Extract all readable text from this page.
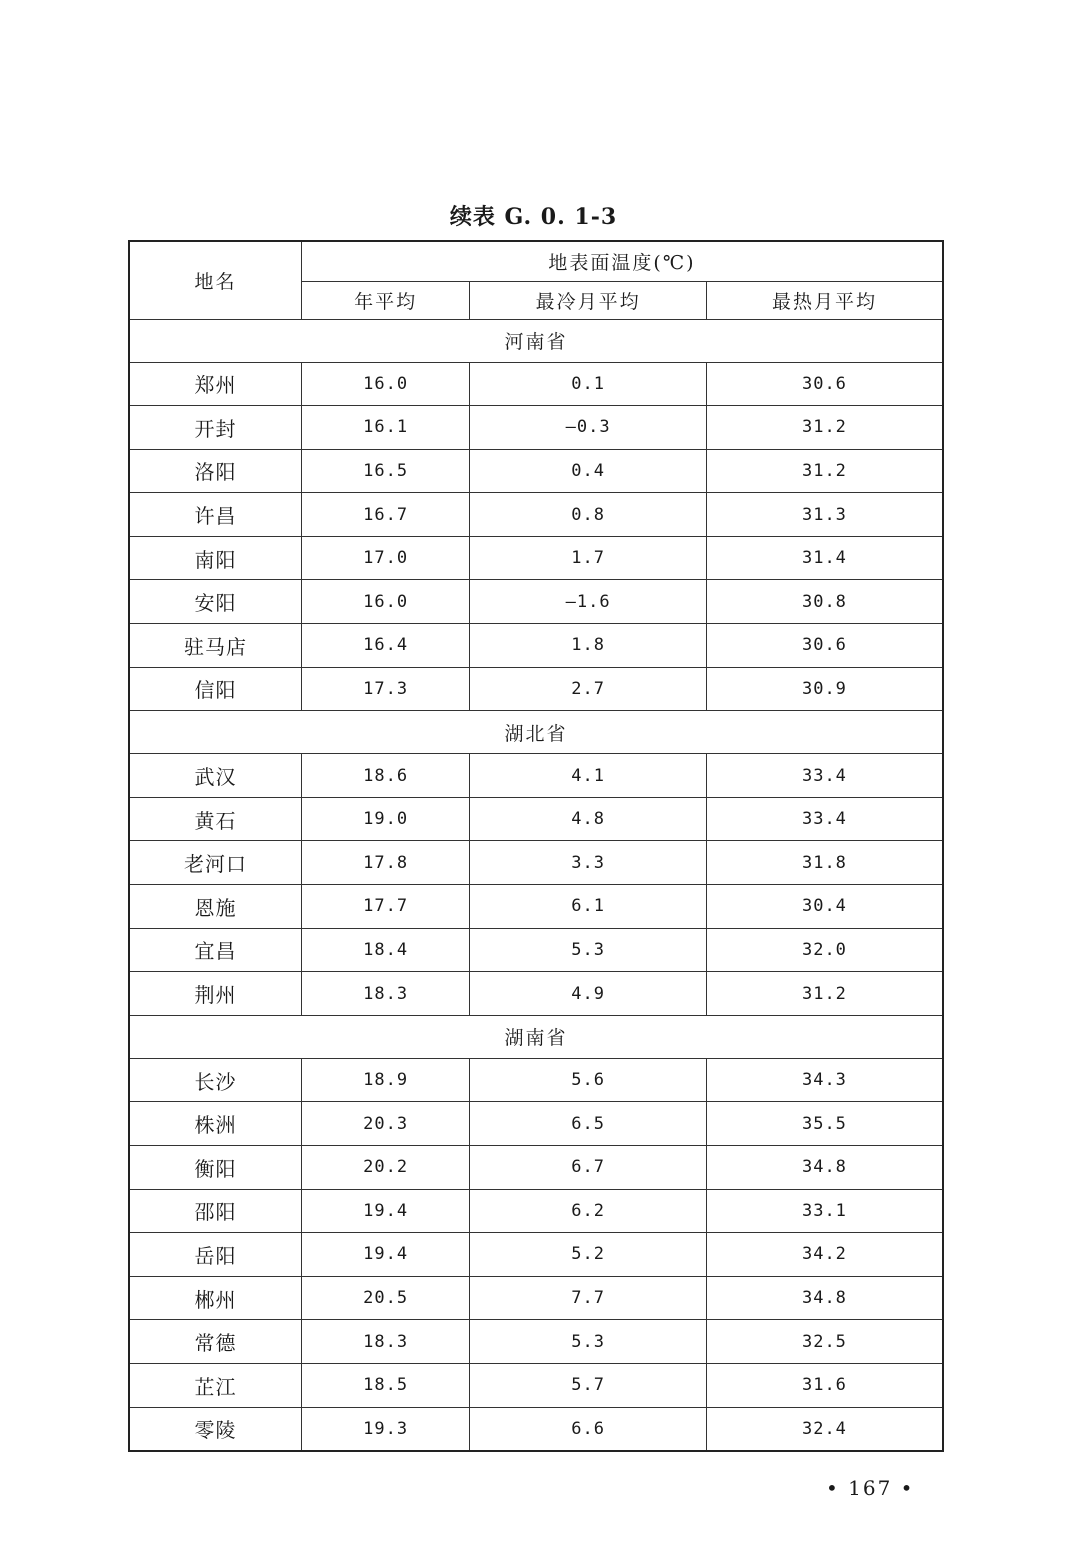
续表 G. 0. 1-3
地名	地表面温度(℃)		
	年平均	最冷月平均	最热月平均
河南省			
郑州	16.0	0.1	30.6
开封	16.1	—0.3	31.2
洛阳	16.5	0.4	31.2
许昌	16.7	0.8	31.3
南阳	17.0	1.7	31.4
安阳	16.0	—1.6	30.8
驻马店	16.4	1.8	30.6
信阳	17.3	2.7	30.9
湖北省			
武汉	18.6	4.1	33.4
黄石	19.0	4.8	33.4
老河口	17.8	3.3	31.8
恩施	17.7	6.1	30.4
宜昌	18.4	5.3	32.0
荆州	18.3	4.9	31.2
湖南省			
长沙	18.9	5.6	34.3
株洲	20.3	6.5	35.5
衡阳	20.2	6.7	34.8
邵阳	19.4	6.2	33.1
岳阳	19.4	5.2	34.2
郴州	20.5	7.7	34.8
常德	18.3	5.3	32.5
芷江	18.5	5.7	31.6
零陵	19.3	6.6	32.4
• 167 •
